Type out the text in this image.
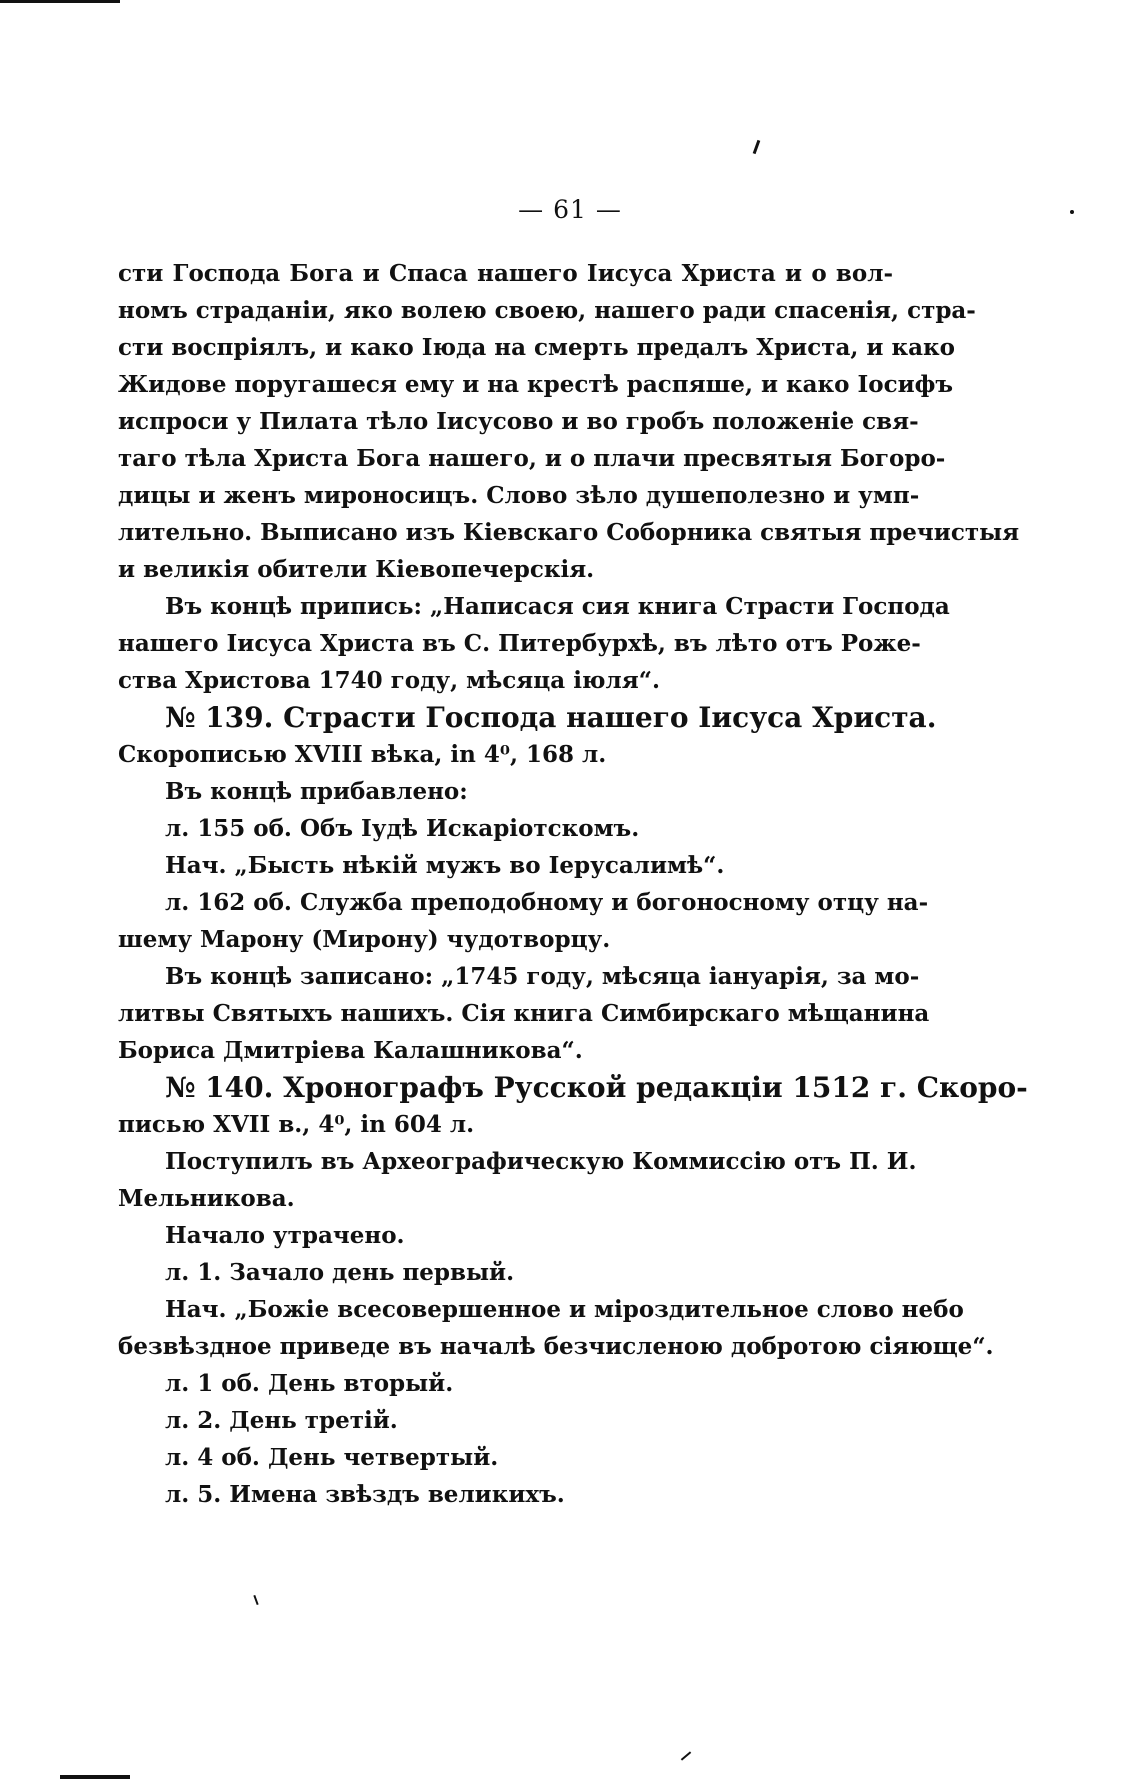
— 61 —
сти Господа Бога и Спаса нашего Іисуса Христа и о вол-
номъ страданіи, яко волею своею, нашего ради спасенія, стра-
сти воспріялъ, и како Іюда на смерть предалъ Христа, и како
Жидове поругашеся ему и на крестѣ распяше, и како Іосифъ
испроси у Пилата тѣло Іисусово и во гробъ положеніе свя-
таго тѣла Христа Бога нашего, и о плачи пресвятыя Богоро-
дицы и женъ мироносицъ. Слово зѣло душеполезно и умп-
лительно. Выписано изъ Кіевскаго Соборника святыя пречистыя
и великія обители Кіевопечерскія.
Въ концѣ припись: „Написася сия книга Страсти Господа
нашего Іисуса Христа въ С. Питербурхѣ, въ лѣто отъ Роже-
ства Христова 1740 году, мѣсяца іюля“.
№ 139. Страсти Господа нашего Іисуса Христа.
Скорописью XVIII вѣка, in 4⁰, 168 л.
Въ концѣ прибавлено:
л. 155 об. Объ Іудѣ Искаріотскомъ.
Нач. „Бысть нѣкій мужъ во Іерусалимѣ“.
л. 162 об. Служба преподобному и богоносному отцу на-
шему Марону (Мирону) чудотворцу.
Въ концѣ записано: „1745 году, мѣсяца іануарія, за мо-
литвы Святыхъ нашихъ. Сія книга Симбирскаго мѣщанина
Бориса Дмитріева Калашникова“.
№ 140. Хронографъ Русской редакціи 1512 г. Скоро-
писью XVII в., 4⁰, in 604 л.
Поступилъ въ Археографическую Коммиссію отъ П. И.
Мельникова.
Начало утрачено.
л. 1. Зачало день первый.
Нач. „Божіе всесовершенное и міроздительное слово небо
безвѣздное приведе въ началѣ безчисленою добротою сіяюще“.
л. 1 об. День вторый.
л. 2. День третій.
л. 4 об. День четвертый.
л. 5. Имена звѣздъ великихъ.
